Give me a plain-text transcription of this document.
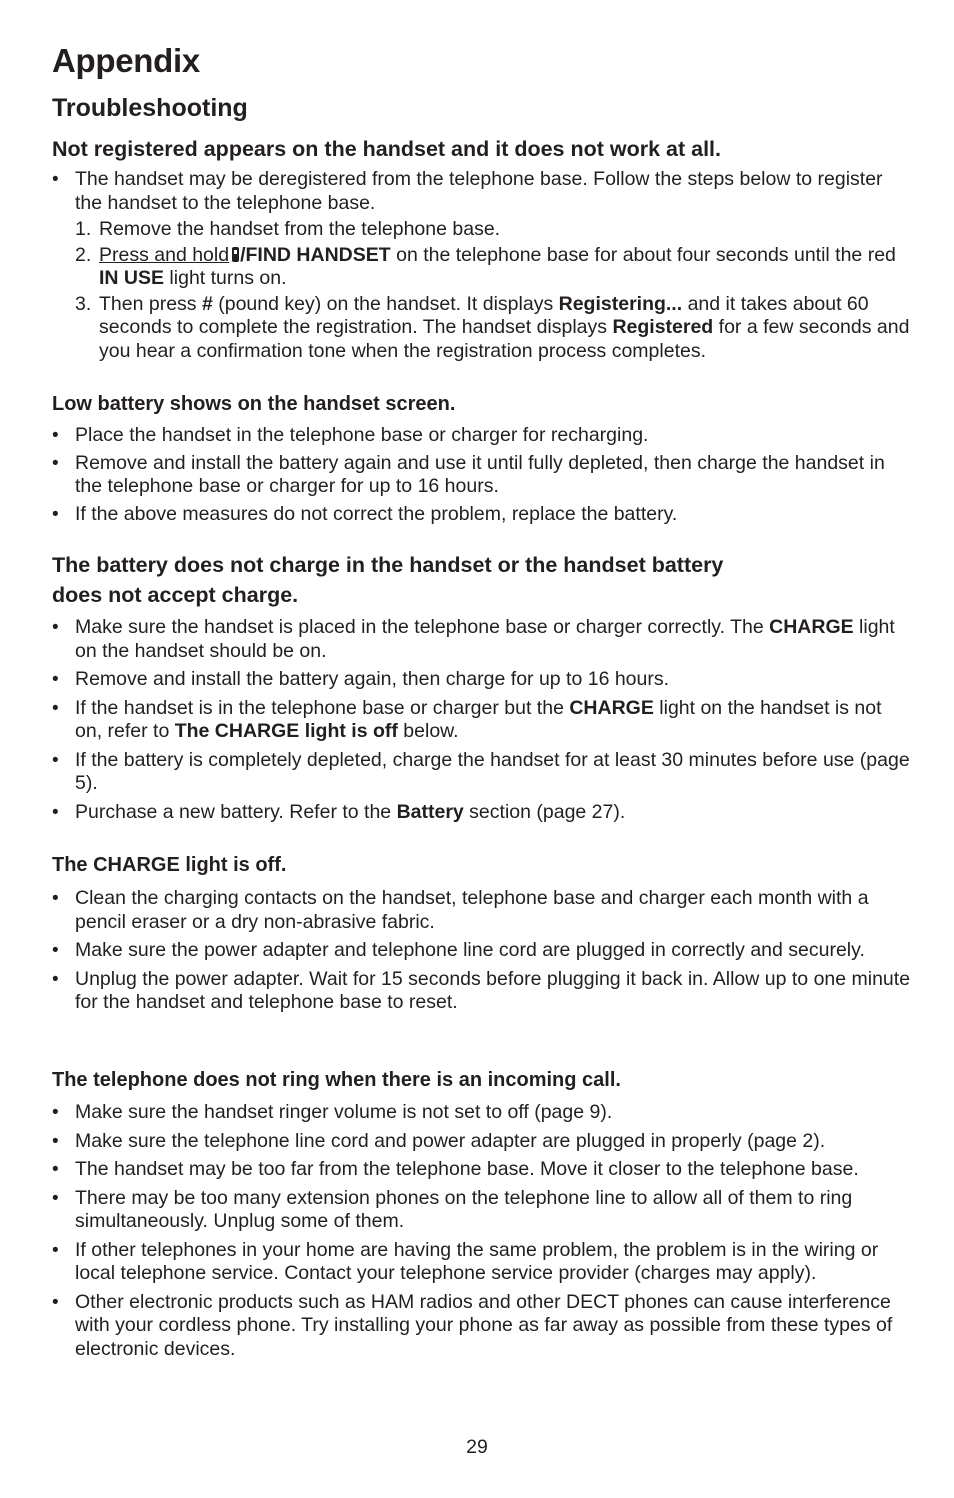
Appendix
Troubleshooting

Not registered appears on the handset and it does not work at all.

• The handset may be deregistered from the telephone base. Follow the steps below to register the handset to the telephone base.
1. Remove the handset from the telephone base.
2. Press and hold /FIND HANDSET on the telephone base for about four seconds until the red IN USE light turns on.
3. Then press # (pound key) on the handset. It displays Registering... and it takes about 60 seconds to complete the registration. The handset displays Registered for a few seconds and you hear a confirmation tone when the registration process completes.

Low battery shows on the handset screen.

• Place the handset in the telephone base or charger for recharging.
• Remove and install the battery again and use it until fully depleted, then charge the handset in the telephone base or charger for up to 16 hours.
• If the above measures do not correct the problem, replace the battery.

The battery does not charge in the handset or the handset battery
does not accept charge.

• Make sure the handset is placed in the telephone base or charger correctly. The CHARGE light on the handset should be on.
• Remove and install the battery again, then charge for up to 16 hours.
• If the handset is in the telephone base or charger but the CHARGE light on the handset is not on, refer to The CHARGE light is off below.
• If the battery is completely depleted, charge the handset for at least 30 minutes before use (page 5).
• Purchase a new battery. Refer to the Battery section (page 27).

The CHARGE light is off.

• Clean the charging contacts on the handset, telephone base and charger each month with a pencil eraser or a dry non-abrasive fabric.
• Make sure the power adapter and telephone line cord are plugged in correctly and securely.
• Unplug the power adapter. Wait for 15 seconds before plugging it back in. Allow up to one minute for the handset and telephone base to reset.

The telephone does not ring when there is an incoming call.

• Make sure the handset ringer volume is not set to off (page 9).
• Make sure the telephone line cord and power adapter are plugged in properly (page 2).
• The handset may be too far from the telephone base. Move it closer to the telephone base.
• There may be too many extension phones on the telephone line to allow all of them to ring simultaneously. Unplug some of them.
• If other telephones in your home are having the same problem, the problem is in the wiring or local telephone service. Contact your telephone service provider (charges may apply).
• Other electronic products such as HAM radios and other DECT phones can cause interference with your cordless phone. Try installing your phone as far away as possible from these types of electronic devices.
29
